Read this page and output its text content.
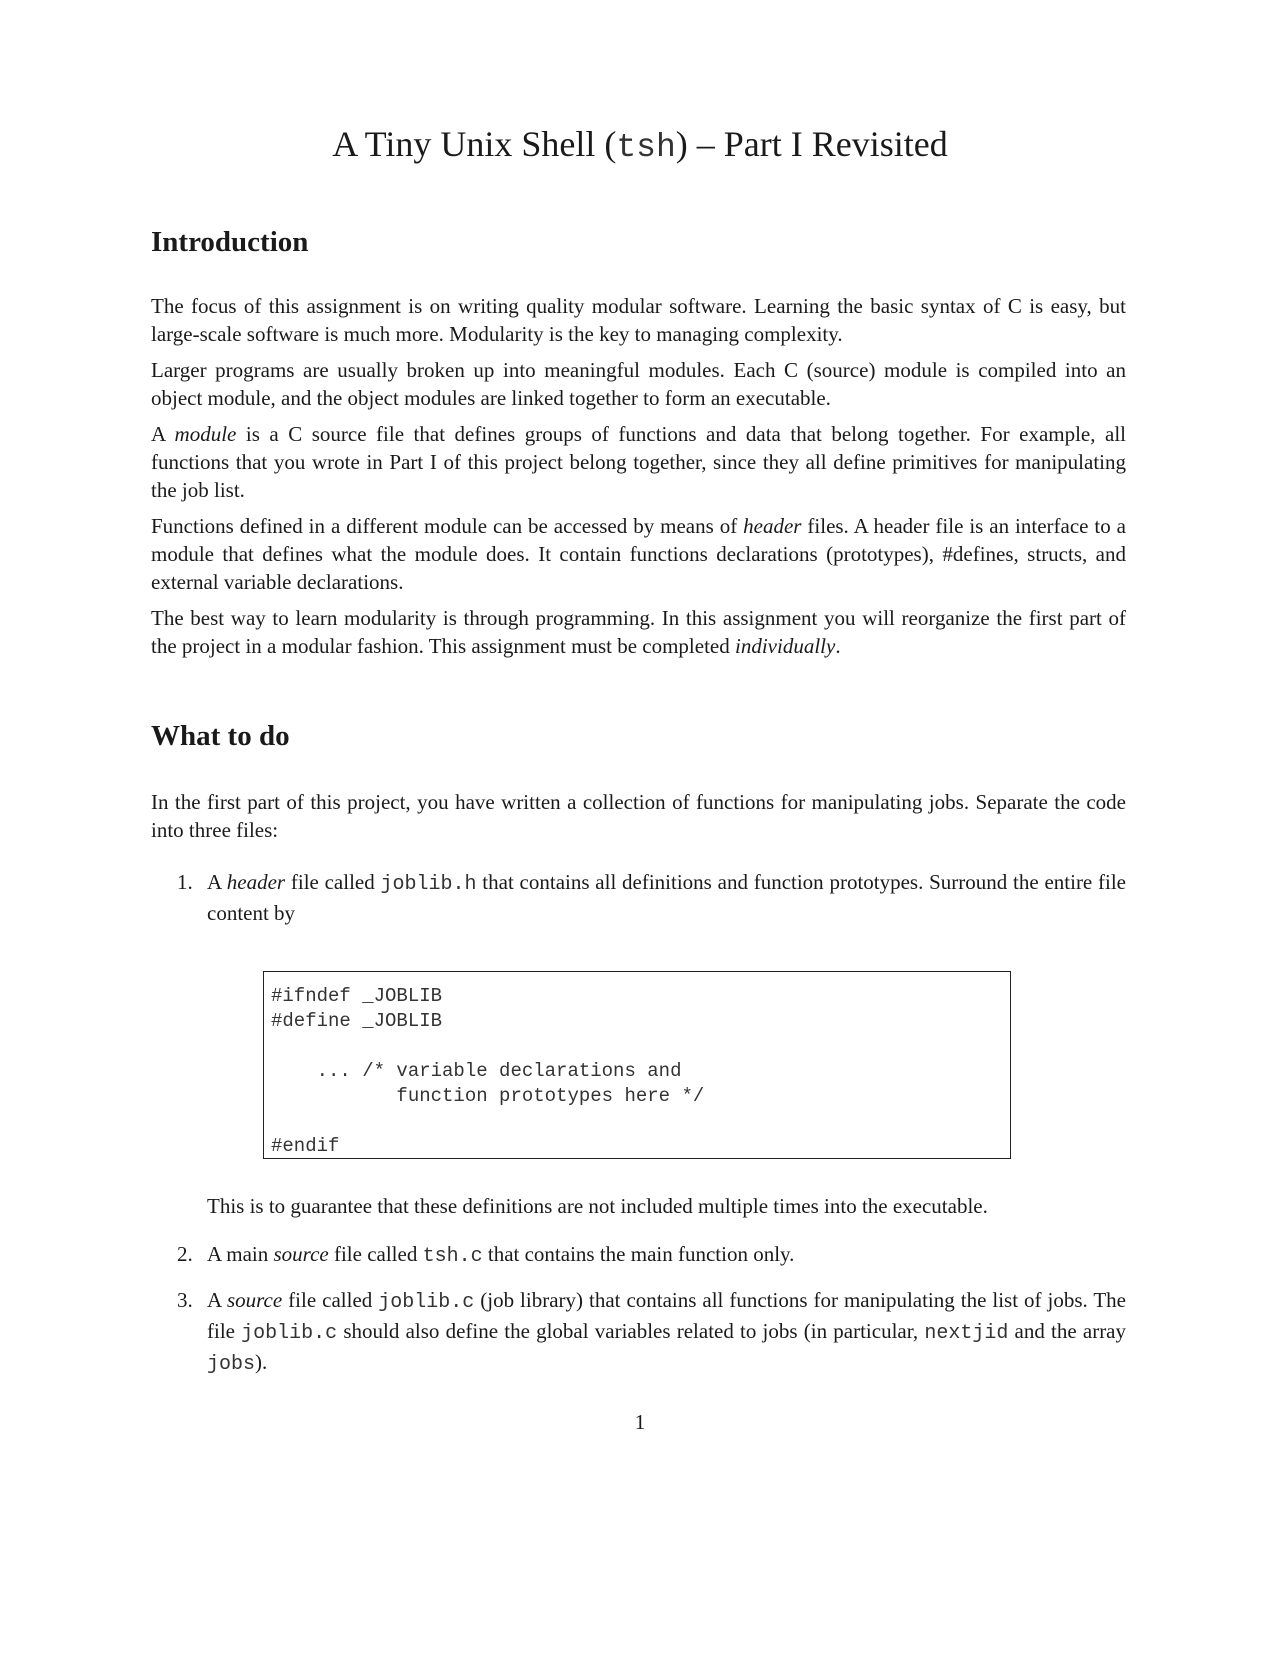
A Tiny Unix Shell (tsh) – Part I Revisited
Introduction
The focus of this assignment is on writing quality modular software. Learning the basic syntax of C is easy, but large-scale software is much more. Modularity is the key to managing complexity.
Larger programs are usually broken up into meaningful modules. Each C (source) module is compiled into an object module, and the object modules are linked together to form an executable.
A module is a C source file that defines groups of functions and data that belong together. For example, all functions that you wrote in Part I of this project belong together, since they all define primitives for manipulating the job list.
Functions defined in a different module can be accessed by means of header files. A header file is an interface to a module that defines what the module does. It contain functions declarations (prototypes), #defines, structs, and external variable declarations.
The best way to learn modularity is through programming. In this assignment you will reorganize the first part of the project in a modular fashion. This assignment must be completed individually.
What to do
In the first part of this project, you have written a collection of functions for manipulating jobs. Separate the code into three files:
1. A header file called joblib.h that contains all definitions and function prototypes. Surround the entire file content by
#ifndef _JOBLIB
#define _JOBLIB

... /* variable declarations and
function prototypes here */

#endif
This is to guarantee that these definitions are not included multiple times into the executable.
2. A main source file called tsh.c that contains the main function only.
3. A source file called joblib.c (job library) that contains all functions for manipulating the list of jobs. The file joblib.c should also define the global variables related to jobs (in particular, nextjid and the array jobs).
1
